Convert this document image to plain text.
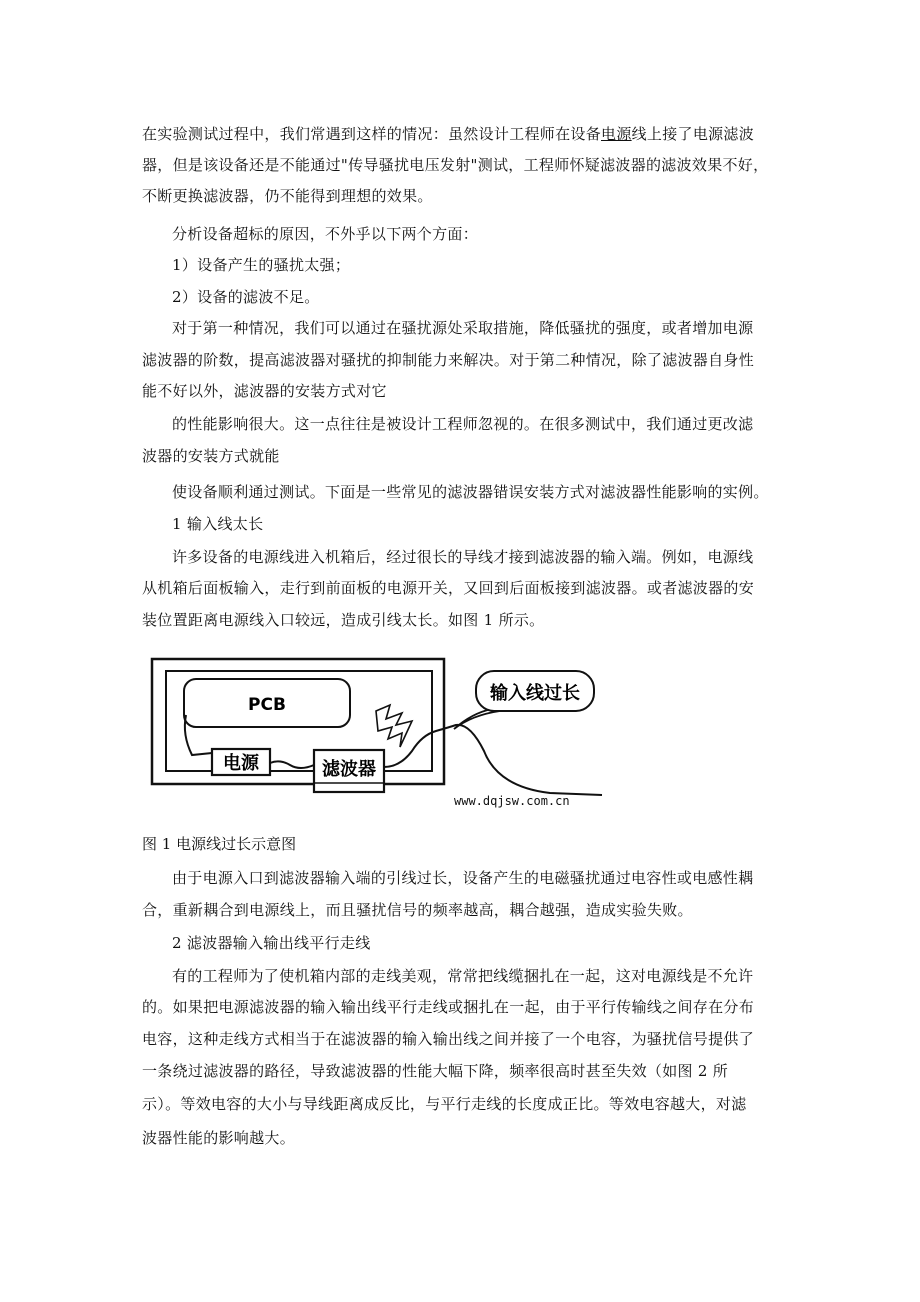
在实验测试过程中，我们常遇到这样的情况：虽然设计工程师在设备电源线上接了电源滤波
器，但是该设备还是不能通过"传导骚扰电压发射"测试，工程师怀疑滤波器的滤波效果不好，
不断更换滤波器，仍不能得到理想的效果。
分析设备超标的原因，不外乎以下两个方面：
1）设备产生的骚扰太强；
2）设备的滤波不足。
对于第一种情况，我们可以通过在骚扰源处采取措施，降低骚扰的强度，或者增加电源
滤波器的阶数，提高滤波器对骚扰的抑制能力来解决。对于第二种情况，除了滤波器自身性
能不好以外，滤波器的安装方式对它
的性能影响很大。这一点往往是被设计工程师忽视的。在很多测试中，我们通过更改滤
波器的安装方式就能
使设备顺利通过测试。下面是一些常见的滤波器错误安装方式对滤波器性能影响的实例。
1 输入线太长
许多设备的电源线进入机箱后，经过很长的导线才接到滤波器的输入端。例如，电源线
从机箱后面板输入，走行到前面板的电源开关，又回到后面板接到滤波器。或者滤波器的安
装位置距离电源线入口较远，造成引线太长。如图 1 所示。
PCB
电源	滤波器
输入线过长
www.dqjsw.com.cn
图 1 电源线过长示意图
由于电源入口到滤波器输入端的引线过长，设备产生的电磁骚扰通过电容性或电感性耦
合，重新耦合到电源线上，而且骚扰信号的频率越高，耦合越强，造成实验失败。
2 滤波器输入输出线平行走线
有的工程师为了使机箱内部的走线美观，常常把线缆捆扎在一起，这对电源线是不允许
的。如果把电源滤波器的输入输出线平行走线或捆扎在一起，由于平行传输线之间存在分布
电容，这种走线方式相当于在滤波器的输入输出线之间并接了一个电容，为骚扰信号提供了
一条绕过滤波器的路径，导致滤波器的性能大幅下降，频率很高时甚至失效（如图 2 所
示）。等效电容的大小与导线距离成反比，与平行走线的长度成正比。等效电容越大，对滤
波器性能的影响越大。
